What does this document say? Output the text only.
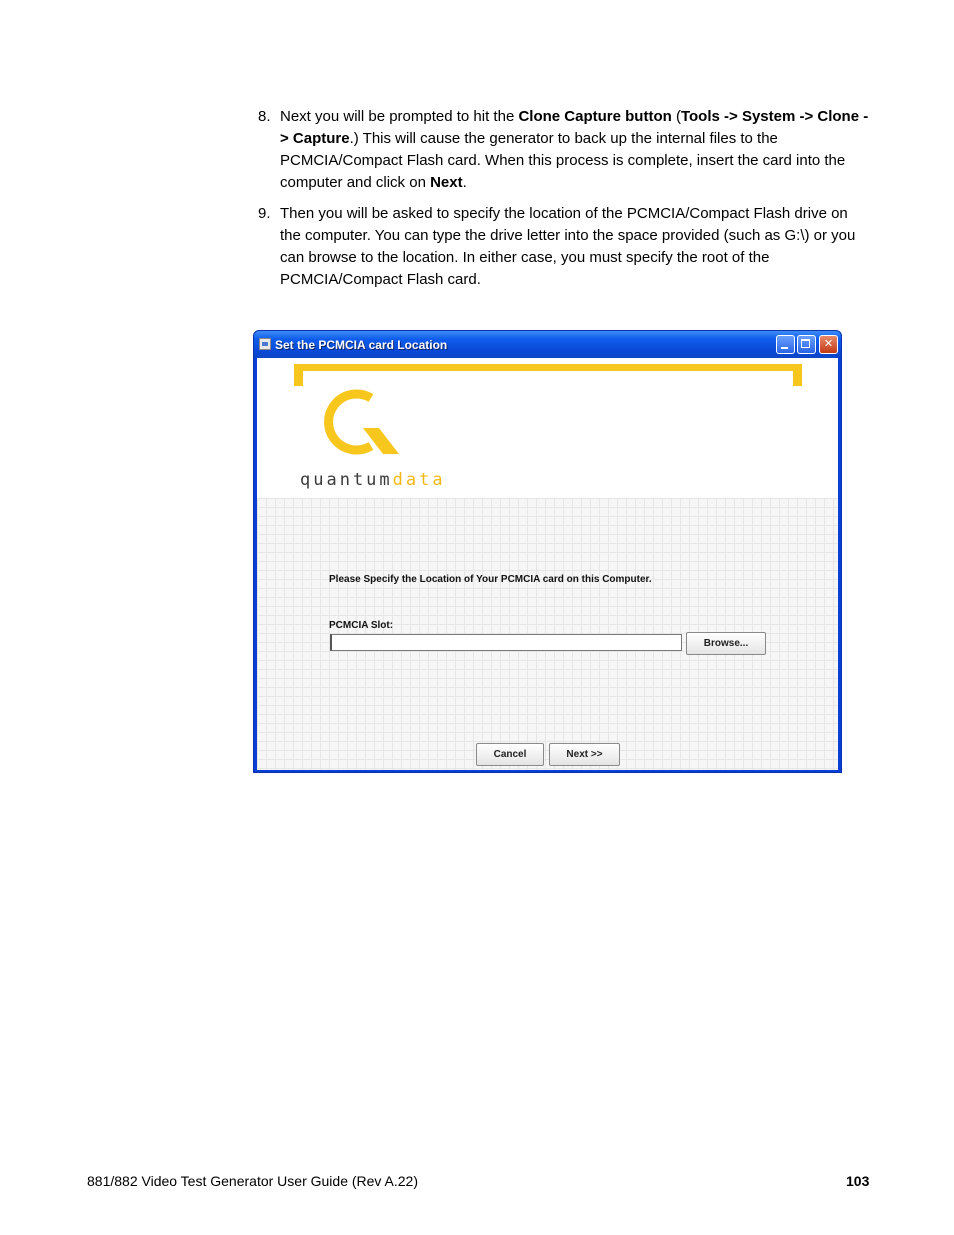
8. Next you will be prompted to hit the Clone Capture button (Tools -> System -> Clone -> Capture.) This will cause the generator to back up the internal files to the PCMCIA/Compact Flash card. When this process is complete, insert the card into the computer and click on Next.
9. Then you will be asked to specify the location of the PCMCIA/Compact Flash drive on the computer. You can type the drive letter into the space provided (such as G:\) or you can browse to the location. In either case, you must specify the root of the PCMCIA/Compact Flash card.
Set the PCMCIA card Location	✕
quantumdata
Please Specify the Location of Your PCMCIA card on this Computer.
PCMCIA Slot:
Browse...
Cancel	Next >>
881/882 Video Test Generator User Guide (Rev A.22)	103
